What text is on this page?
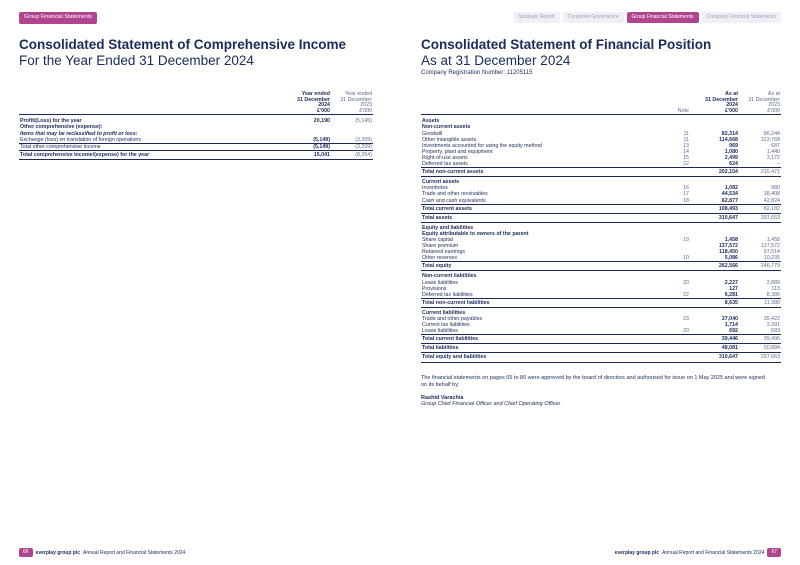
Group Financial Statements
Consolidated Statement of Comprehensive Income
For the Year Ended 31 December 2024
	Year ended
31 December
2024
£'000	Year ended
31 December
2023
£'000

Profit/(Loss) for the year	20,190	(5,145)
Other comprehensive (expense):		
Items that may be reclassified to profit or loss:		
Exchange (loss) on translation of foreign operations	(5,149)	(3,209)
Total other comprehensive income	(5,149)	(3,209)
Total comprehensive income/(expense) for the year	15,041	(8,354)
66	everplay group plc Annual Report and Financial Statements 2024
Strategic Report	Corporate Governance	Group Financial Statements	Company Financial Statements
Consolidated Statement of Financial Position
As at 31 December 2024
Company Registration Number: 11205115
	Note	As at
31 December
2024
£'000	As at
31 December
2023
£'000

Assets			
Non-current assets			
Goodwill	11	82,314	86,244
Other intangible assets	11	114,668	123,768
Investments accounted for using the equity method	13	969	687
Property, plant and equipment	14	1,080	1,440
Right-of-use assets	15	2,499	3,172
Deferred tax assets	22	624	–
Total non-current assets		202,154	215,471
Current assets			
Inventories	16	1,082	980
Trade and other receivables	17	44,534	38,408
Cash and cash equivalents	18	62,877	42,824
Total current assets		108,493	82,182
Total assets		310,647	297,653
Equity and liabilities			
Equity attributable to owners of the parent			
Share capital	19	1,458	1,458
Share premium		137,572	137,572
Retained earnings		118,450	97,514
Other reserves	10	5,086	10,235
Total equity		262,566	246,779
Non-current liabilities			
Lease liabilities	20	2,227	2,889
Provisions		127	113
Deferred tax liabilities	22	6,281	8,386
Total non-current liabilities		8,635	11,388
Current liabilities			
Trade and other payables	23	37,040	35,422
Current tax liabilities		1,714	3,391
Lease liabilities	20	692	683
Total current liabilities		39,446	39,496
Total liabilities		48,081	50,884
Total equity and liabilities		310,647	297,663
The financial statements on pages 65 to 80 were approved by the board of directors and authorised for issue on 1 May 2025 and were signed on its behalf by:
Rashid Varachia
Group Chief Financial Officer and Chief Operating Officer
everplay group plc Annual Report and Financial Statements 2024	67
